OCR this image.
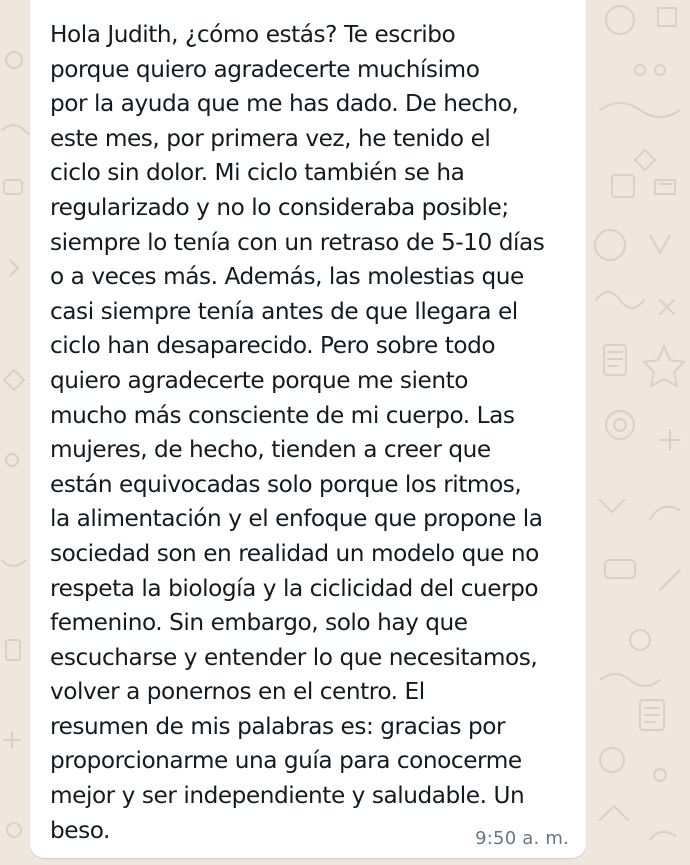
Hola Judith, ¿cómo estás? Te escribo
porque quiero agradecerte muchísimo
por la ayuda que me has dado. De hecho,
este mes, por primera vez, he tenido el
ciclo sin dolor. Mi ciclo también se ha
regularizado y no lo consideraba posible;
siempre lo tenía con un retraso de 5-10 días
o a veces más. Además, las molestias que
casi siempre tenía antes de que llegara el
ciclo han desaparecido. Pero sobre todo
quiero agradecerte porque me siento
mucho más consciente de mi cuerpo. Las
mujeres, de hecho, tienden a creer que
están equivocadas solo porque los ritmos,
la alimentación y el enfoque que propone la
sociedad son en realidad un modelo que no
respeta la biología y la ciclicidad del cuerpo
femenino. Sin embargo, solo hay que
escucharse y entender lo que necesitamos,
volver a ponernos en el centro. El
resumen de mis palabras es: gracias por
proporcionarme una guía para conocerme
mejor y ser independiente y saludable. Un
beso.	9:50 a. m.
